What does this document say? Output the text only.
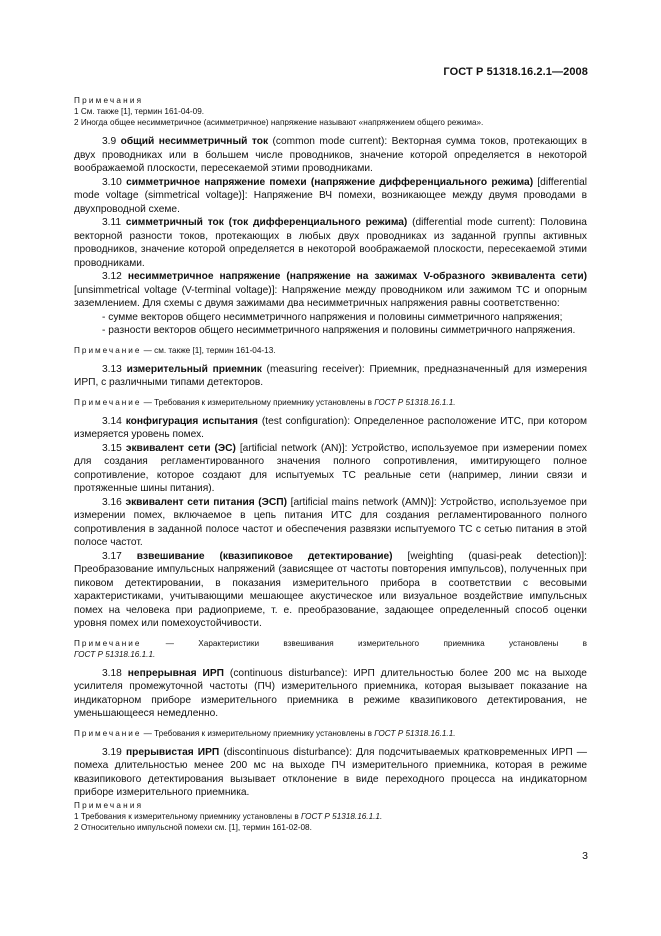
ГОСТ Р 51318.16.2.1—2008

Примечания

1 См. также [1], термин 161-04-09.

2 Иногда общее несимметричное (асимметричное) напряжение называют «напряжением общего режима».

3.9 общий несимметричный ток (common mode current): Векторная сумма токов, протекающих в двух проводниках или в большем числе проводников, значение которой определяется в некоторой воображаемой плоскости, пересекаемой этими проводниками.

3.10 симметричное напряжение помехи (напряжение дифференциального режима) [differential mode voltage (simmetrical voltage)]: Напряжение ВЧ помехи, возникающее между двумя проводами в двухпроводной схеме.

3.11 симметричный ток (ток дифференциального режима) (differential mode current): Половина векторной разности токов, протекающих в любых двух проводниках из заданной группы активных проводников, значение которой определяется в некоторой воображаемой плоскости, пересекаемой этими проводниками.

3.12 несимметричное напряжение (напряжение на зажимах V-образного эквивалента сети) [unsimmetrical voltage (V-terminal voltage)]: Напряжение между проводником или зажимом ТС и опорным заземлением. Для схемы с двумя зажимами два несимметричных напряжения равны соответственно:

- сумме векторов общего несимметричного напряжения и половины симметричного напряжения;

- разности векторов общего несимметричного напряжения и половины симметричного напряжения.

Примечание — см. также [1], термин 161-04-13.

3.13 измерительный приемник (measuring receiver): Приемник, предназначенный для измерения ИРП, с различными типами детекторов.

Примечание — Требования к измерительному приемнику установлены в ГОСТ Р 51318.16.1.1.

3.14 конфигурация испытания (test configuration): Определенное расположение ИТС, при котором измеряется уровень помех.

3.15 эквивалент сети (ЭС) [artificial network (AN)]: Устройство, используемое при измерении помех для создания регламентированного значения полного сопротивления, имитирующего полное сопротивление, которое создают для испытуемых ТС реальные сети (например, линии связи и протяженные шины питания).

3.16 эквивалент сети питания (ЭСП) [artificial mains network (AMN)]: Устройство, используемое при измерении помех, включаемое в цепь питания ИТС для создания регламентированного полного сопротивления в заданной полосе частот и обеспечения развязки испытуемого ТС с сетью питания в этой полосе частот.

3.17 взвешивание (квазипиковое детектирование) [weighting (quasi-peak detection)]: Преобразование импульсных напряжений (зависящее от частоты повторения импульсов), полученных при пиковом детектировании, в показания измерительного прибора в соответствии с весовыми характеристиками, учитывающими мешающее акустическое или визуальное воздействие импульсных помех на человека при радиоприеме, т. е. преобразование, задающее определенный способ оценки уровня помех или помехоустойчивости.

Примечание — Характеристики взвешивания измерительного приемника установлены в

ГОСТ Р 51318.16.1.1.

3.18 непрерывная ИРП (continuous disturbance): ИРП длительностью более 200 мс на выходе усилителя промежуточной частоты (ПЧ) измерительного приемника, которая вызывает показание на индикаторном приборе измерительного приемника в режиме квазипикового детектирования, не уменьшающееся немедленно.

Примечание — Требования к измерительному приемнику установлены в ГОСТ Р 51318.16.1.1.

3.19 прерывистая ИРП (discontinuous disturbance): Для подсчитываемых кратковременных ИРП — помеха длительностью менее 200 мс на выходе ПЧ измерительного приемника, которая в режиме квазипикового детектирования вызывает отклонение в виде переходного процесса на индикаторном приборе измерительного приемника.

Примечания

1 Требования к измерительному приемнику установлены в ГОСТ Р 51318.16.1.1.

2 Относительно импульсной помехи см. [1], термин 161-02-08.

3
